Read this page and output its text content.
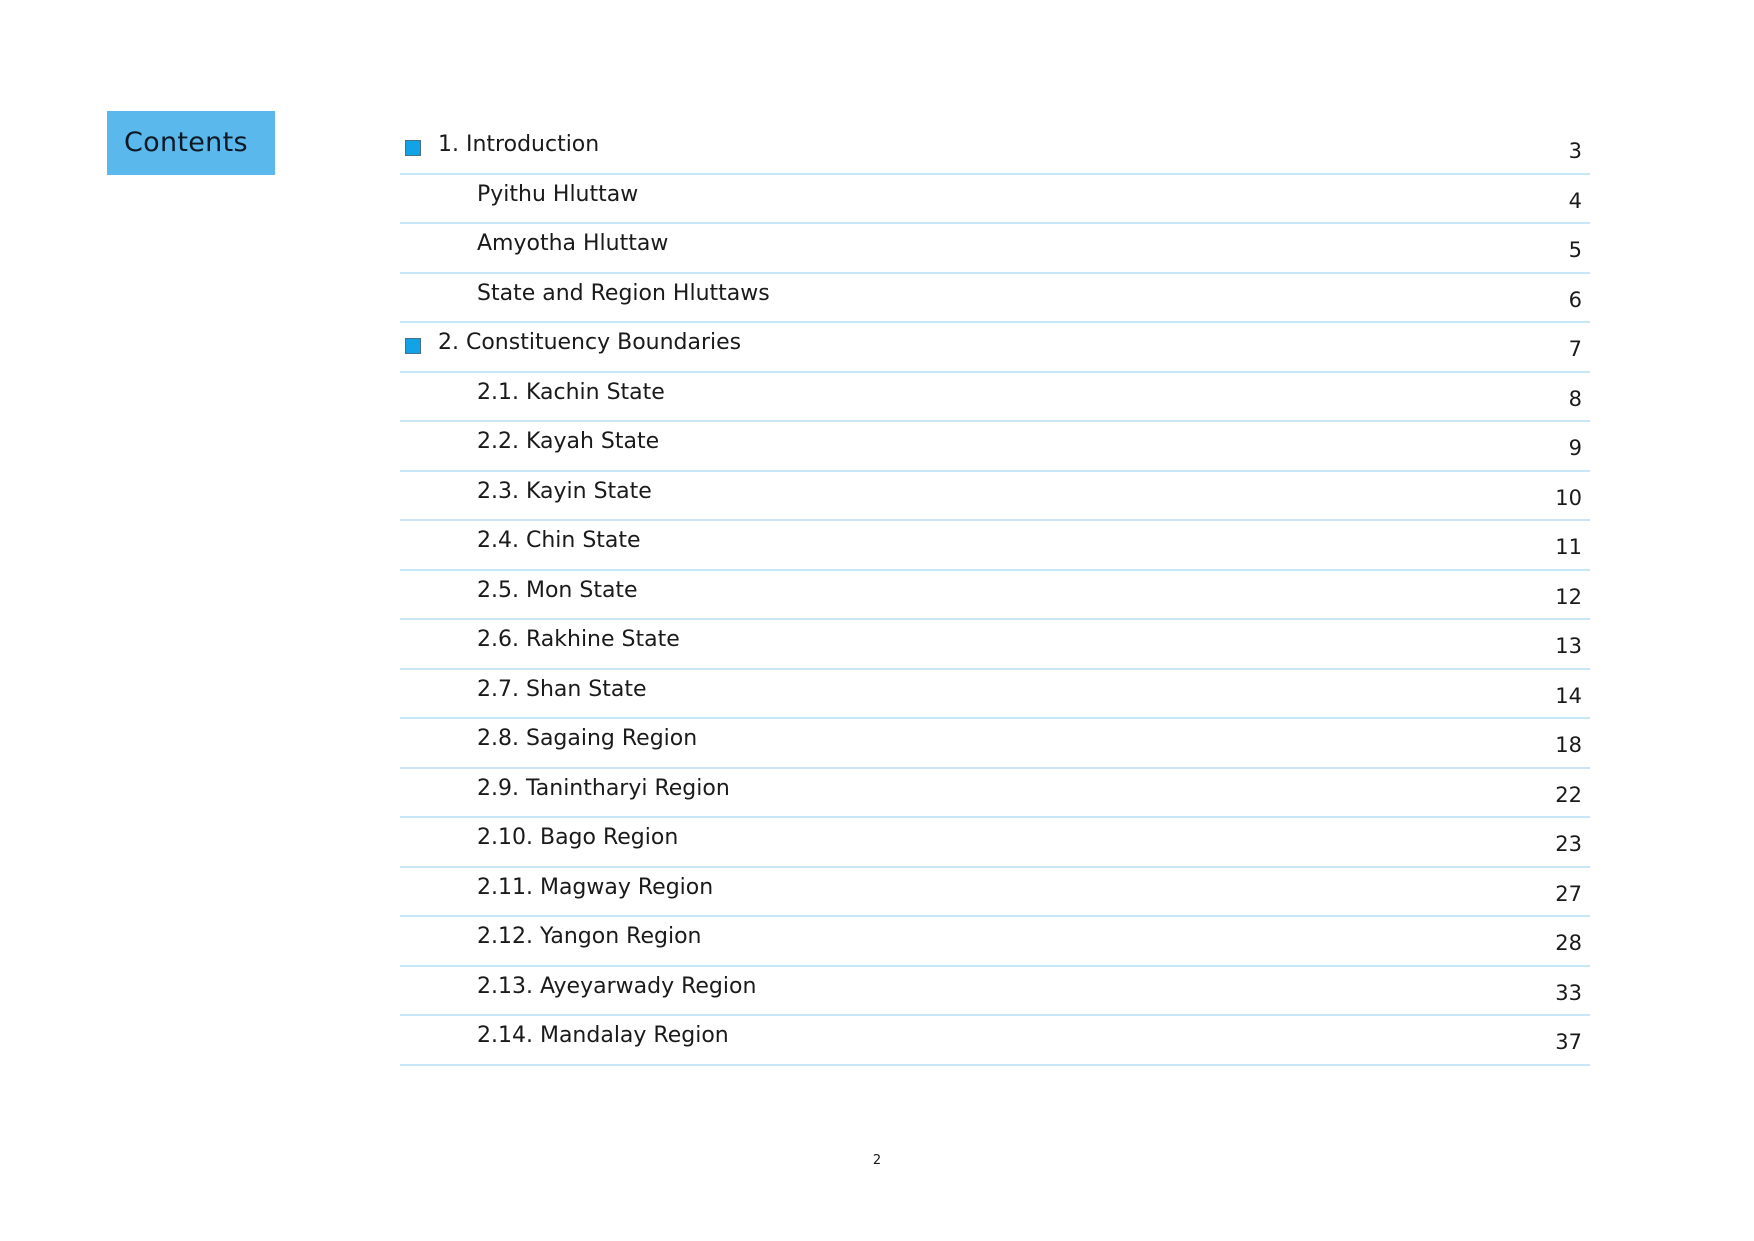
Contents	1. Introduction	3
Pyithu Hluttaw	4
Amyotha Hluttaw	5
State and Region Hluttaws	6
2. Constituency Boundaries	7
2.1. Kachin State	8
2.2. Kayah State	9
2.3. Kayin State	10
2.4. Chin State	11
2.5. Mon State	12
2.6. Rakhine State	13
2.7. Shan State	14
2.8. Sagaing Region	18
2.9. Tanintharyi Region	22
2.10. Bago Region	23
2.11. Magway Region	27
2.12. Yangon Region	28
2.13. Ayeyarwady Region	33
2.14. Mandalay Region	37
2
